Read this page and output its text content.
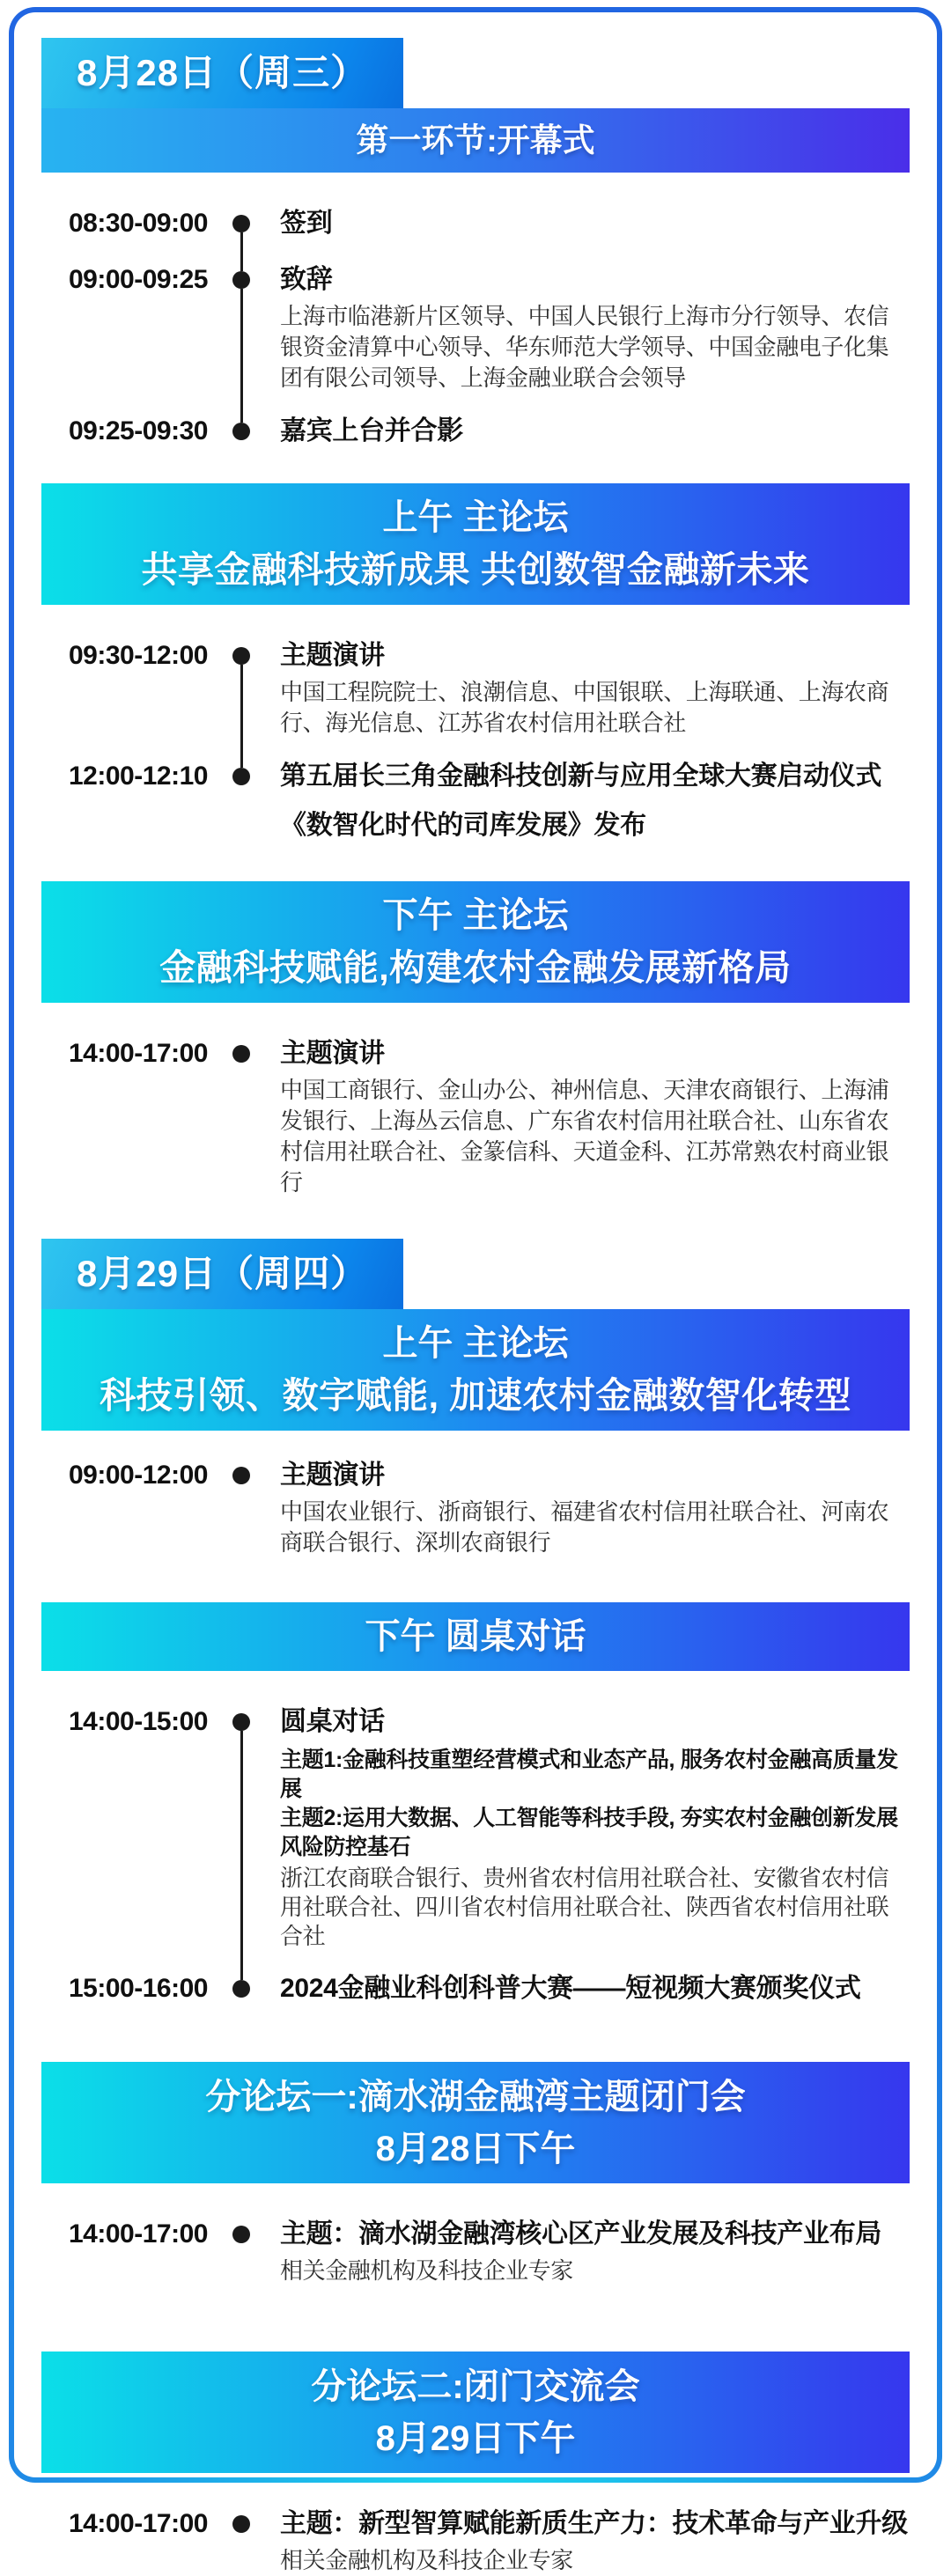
8月28日（周三）
第一环节:开幕式
08:30-09:00	签到
09:00-09:25	致辞
上海市临港新片区领导、中国人民银行上海市分行领导、农信银资金清算中心领导、华东师范大学领导、中国金融电子化集团有限公司领导、上海金融业联合会领导
09:25-09:30	嘉宾上台并合影
上午 主论坛
共享金融科技新成果 共创数智金融新未来
09:30-12:00	主题演讲
中国工程院院士、浪潮信息、中国银联、上海联通、上海农商行、海光信息、江苏省农村信用社联合社
12:00-12:10	第五届长三角金融科技创新与应用全球大赛启动仪式
《数智化时代的司库发展》发布
下午 主论坛
金融科技赋能,构建农村金融发展新格局
14:00-17:00	主题演讲
中国工商银行、金山办公、神州信息、天津农商银行、上海浦发银行、上海丛云信息、广东省农村信用社联合社、山东省农村信用社联合社、金篆信科、天道金科、江苏常熟农村商业银行
8月29日（周四）
上午 主论坛
科技引领、数字赋能, 加速农村金融数智化转型
09:00-12:00	主题演讲
中国农业银行、浙商银行、福建省农村信用社联合社、河南农商联合银行、深圳农商银行
下午 圆桌对话
14:00-15:00	圆桌对话
主题1:金融科技重塑经营模式和业态产品, 服务农村金融高质量发展
主题2:运用大数据、人工智能等科技手段, 夯实农村金融创新发展风险防控基石
浙江农商联合银行、贵州省农村信用社联合社、安徽省农村信用社联合社、四川省农村信用社联合社、陕西省农村信用社联合社
15:00-16:00	2024金融业科创科普大赛——短视频大赛颁奖仪式
分论坛一:滴水湖金融湾主题闭门会
8月28日下午
14:00-17:00	主题：滴水湖金融湾核心区产业发展及科技产业布局
相关金融机构及科技企业专家
分论坛二:闭门交流会
8月29日下午
14:00-17:00	主题：新型智算赋能新质生产力：技术革命与产业升级
相关金融机构及科技企业专家
